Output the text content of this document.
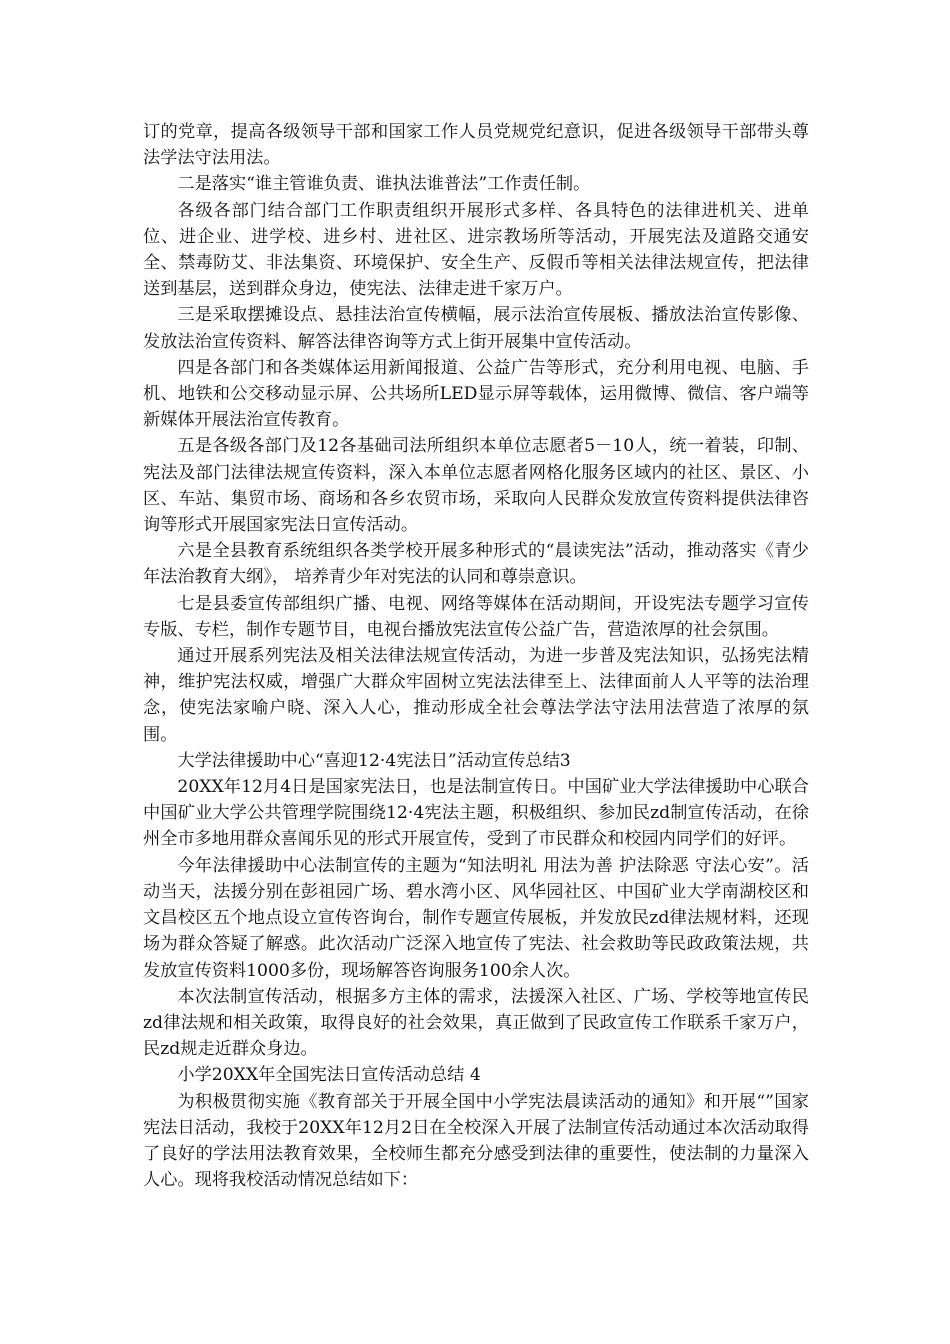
订的党章，提高各级领导干部和国家工作人员党规党纪意识，促进各级领导干部带头尊法学法守法用法。

二是落实“谁主管谁负责、谁执法谁普法”工作责任制。

各级各部门结合部门工作职责组织开展形式多样、各具特色的法律进机关、进单位、进企业、进学校、进乡村、进社区、进宗教场所等活动，开展宪法及道路交通安全、禁毒防艾、非法集资、环境保护、安全生产、反假币等相关法律法规宣传，把法律送到基层，送到群众身边，使宪法、法律走进千家万户。

三是采取摆摊设点、悬挂法治宣传横幅，展示法治宣传展板、播放法治宣传影像、发放法治宣传资料、解答法律咨询等方式上街开展集中宣传活动。

四是各部门和各类媒体运用新闻报道、公益广告等形式，充分利用电视、电脑、手机、地铁和公交移动显示屏、公共场所LED显示屏等载体，运用微博、微信、客户端等新媒体开展法治宣传教育。

五是各级各部门及12各基础司法所组织本单位志愿者5－10人，统一着装，印制、宪法及部门法律法规宣传资料，深入本单位志愿者网格化服务区域内的社区、景区、小区、车站、集贸市场、商场和各乡农贸市场，采取向人民群众发放宣传资料提供法律咨询等形式开展国家宪法日宣传活动。

六是全县教育系统组织各类学校开展多种形式的“晨读宪法”活动，推动落实《青少年法治教育大纲》， 培养青少年对宪法的认同和尊崇意识。

七是县委宣传部组织广播、电视、网络等媒体在活动期间，开设宪法专题学习宣传专版、专栏，制作专题节目，电视台播放宪法宣传公益广告，营造浓厚的社会氛围。

通过开展系列宪法及相关法律法规宣传活动，为进一步普及宪法知识，弘扬宪法精神，维护宪法权威，增强广大群众牢固树立宪法法律至上、法律面前人人平等的法治理念，使宪法家喻户晓、深入人心，推动形成全社会尊法学法守法用法营造了浓厚的氛围。

大学法律援助中心“喜迎12·4宪法日”活动宣传总结3

20XX年12月4日是国家宪法日，也是法制宣传日。中国矿业大学法律援助中心联合中国矿业大学公共管理学院围绕12·4宪法主题，积极组织、参加民zd制宣传活动，在徐州全市多地用群众喜闻乐见的形式开展宣传，受到了市民群众和校园内同学们的好评。

今年法律援助中心法制宣传的主题为“知法明礼 用法为善 护法除恶 守法心安”。活动当天，法援分别在彭祖园广场、碧水湾小区、风华园社区、中国矿业大学南湖校区和文昌校区五个地点设立宣传咨询台，制作专题宣传展板，并发放民zd律法规材料，还现场为群众答疑了解惑。此次活动广泛深入地宣传了宪法、社会救助等民政政策法规，共发放宣传资料1000多份，现场解答咨询服务100余人次。

本次法制宣传活动，根据多方主体的需求，法援深入社区、广场、学校等地宣传民zd律法规和相关政策，取得良好的社会效果，真正做到了民政宣传工作联系千家万户，民zd规走近群众身边。

小学20XX年全国宪法日宣传活动总结 4

为积极贯彻实施《教育部关于开展全国中小学宪法晨读活动的通知》和开展“”国家宪法日活动，我校于20XX年12月2日在全校深入开展了法制宣传活动通过本次活动取得了良好的学法用法教育效果，全校师生都充分感受到法律的重要性，使法制的力量深入人心。现将我校活动情况总结如下：
